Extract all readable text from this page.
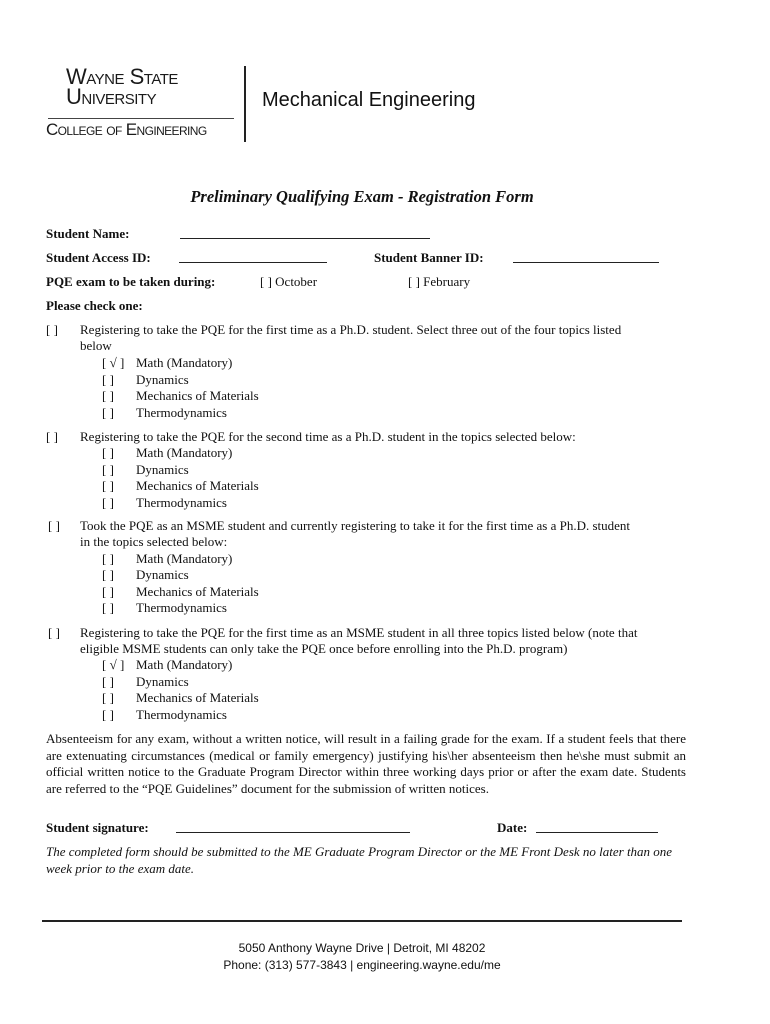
Wayne State
University
College of Engineering
Mechanical Engineering
Preliminary Qualifying Exam - Registration Form
Student Name:
Student Access ID:	Student Banner ID:
PQE exam to be taken during:	[ ] October	[ ] February
Please check one:
[ ] Registering to take the PQE for the first time as a Ph.D. student. Select three out of the four topics listed
below
[ √ ] Math (Mandatory)
[ ] Dynamics
[ ] Mechanics of Materials
[ ] Thermodynamics
[ ] Registering to take the PQE for the second time as a Ph.D. student in the topics selected below:
[ ] Math (Mandatory)
[ ] Dynamics
[ ] Mechanics of Materials
[ ] Thermodynamics
[ ] Took the PQE as an MSME student and currently registering to take it for the first time as a Ph.D. student
in the topics selected below:
[ ] Math (Mandatory)
[ ] Dynamics
[ ] Mechanics of Materials
[ ] Thermodynamics
[ ] Registering to take the PQE for the first time as an MSME student in all three topics listed below (note that
eligible MSME students can only take the PQE once before enrolling into the Ph.D. program)
[ √ ] Math (Mandatory)
[ ] Dynamics
[ ] Mechanics of Materials
[ ] Thermodynamics
Absenteeism for any exam, without a written notice, will result in a failing grade for the exam. If a student feels that there are extenuating circumstances (medical or family emergency) justifying his\her absenteeism then he\she must submit an official written notice to the Graduate Program Director within three working days prior or after the exam date. Students are referred to the “PQE Guidelines” document for the submission of written notices.
Student signature:	Date:
The completed form should be submitted to the ME Graduate Program Director or the ME Front Desk no later than one week prior to the exam date.
5050 Anthony Wayne Drive | Detroit, MI 48202
Phone: (313) 577-3843 | engineering.wayne.edu/me
